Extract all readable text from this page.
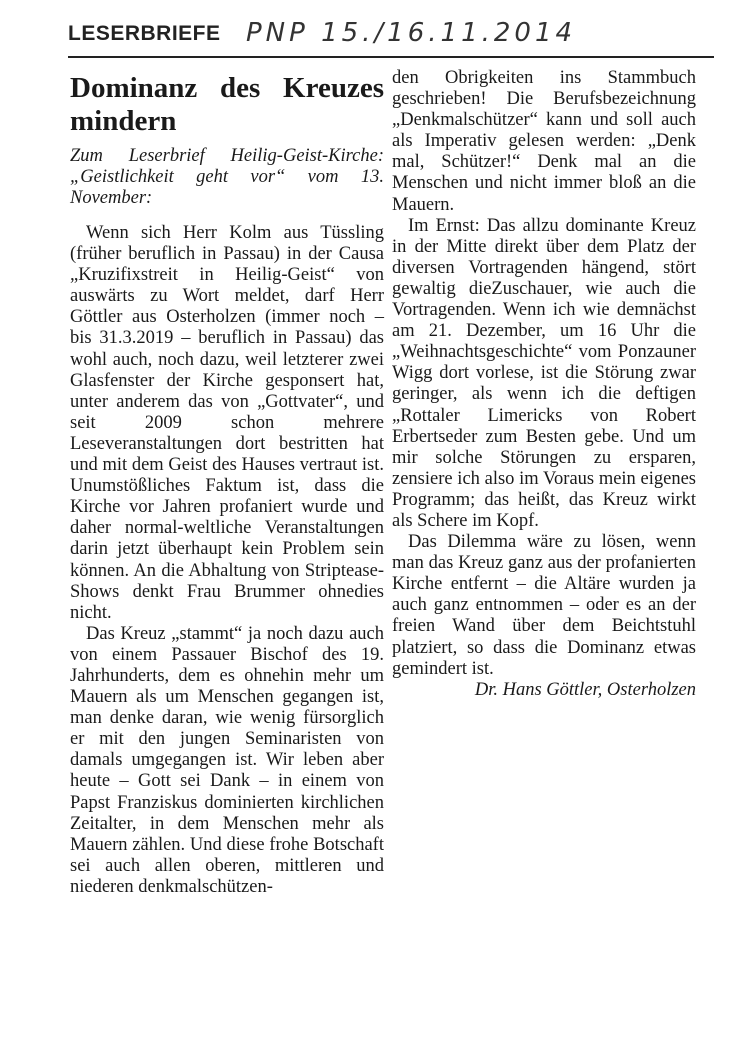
LESERBRIEFE PNP 15./16.11.2014
Dominanz des Kreuzes mindern
Zum Leserbrief Heilig-Geist-Kirche: „Geistlichkeit geht vor“ vom 13. November:

Wenn sich Herr Kolm aus Tüssling (früher beruflich in Passau) in der Causa „Kruzifixstreit in Heilig-Geist“ von auswärts zu Wort meldet, darf Herr Göttler aus Osterholzen (immer noch – bis 31.3.2019 – beruflich in Passau) das wohl auch, noch dazu, weil letzterer zwei Glasfenster der Kirche gesponsert hat, unter anderem das von „Gottvater“, und seit 2009 schon mehrere Leseveranstaltungen dort bestritten hat und mit dem Geist des Hauses vertraut ist. Unumstößliches Faktum ist, dass die Kirche vor Jahren profaniert wurde und daher normal-weltliche Veranstaltungen darin jetzt überhaupt kein Problem sein können. An die Abhaltung von Striptease-Shows denkt Frau Brummer ohnedies nicht.

Das Kreuz „stammt“ ja noch dazu auch von einem Passauer Bischof des 19. Jahrhunderts, dem es ohnehin mehr um Mauern als um Menschen gegangen ist, man denke daran, wie wenig fürsorglich er mit den jungen Seminaristen von damals umgegangen ist. Wir leben aber heute – Gott sei Dank – in einem von Papst Franziskus dominierten kirchlichen Zeitalter, in dem Menschen mehr als Mauern zählen. Und diese frohe Botschaft sei auch allen oberen, mittleren und niederen denkmalschützen-

den Obrigkeiten ins Stammbuch geschrieben! Die Berufsbezeichnung „Denkmalschützer“ kann und soll auch als Imperativ gelesen werden: „Denk mal, Schützer!“ Denk mal an die Menschen und nicht immer bloß an die Mauern.

Im Ernst: Das allzu dominante Kreuz in der Mitte direkt über dem Platz der diversen Vortragenden hängend, stört gewaltig dieZuschauer, wie auch die Vortragenden. Wenn ich wie demnächst am 21. Dezember, um 16 Uhr die „Weihnachtsgeschichte“ vom Ponzauner Wigg dort vorlese, ist die Störung zwar geringer, als wenn ich die deftigen „Rottaler Limericks von Robert Erbertseder zum Besten gebe. Und um mir solche Störungen zu ersparen, zensiere ich also im Voraus mein eigenes Programm; das heißt, das Kreuz wirkt als Schere im Kopf.

Das Dilemma wäre zu lösen, wenn man das Kreuz ganz aus der profanierten Kirche entfernt – die Altäre wurden ja auch ganz entnommen – oder es an der freien Wand über dem Beichtstuhl platziert, so dass die Dominanz etwas gemindert ist.

Dr. Hans Göttler, Osterholzen
